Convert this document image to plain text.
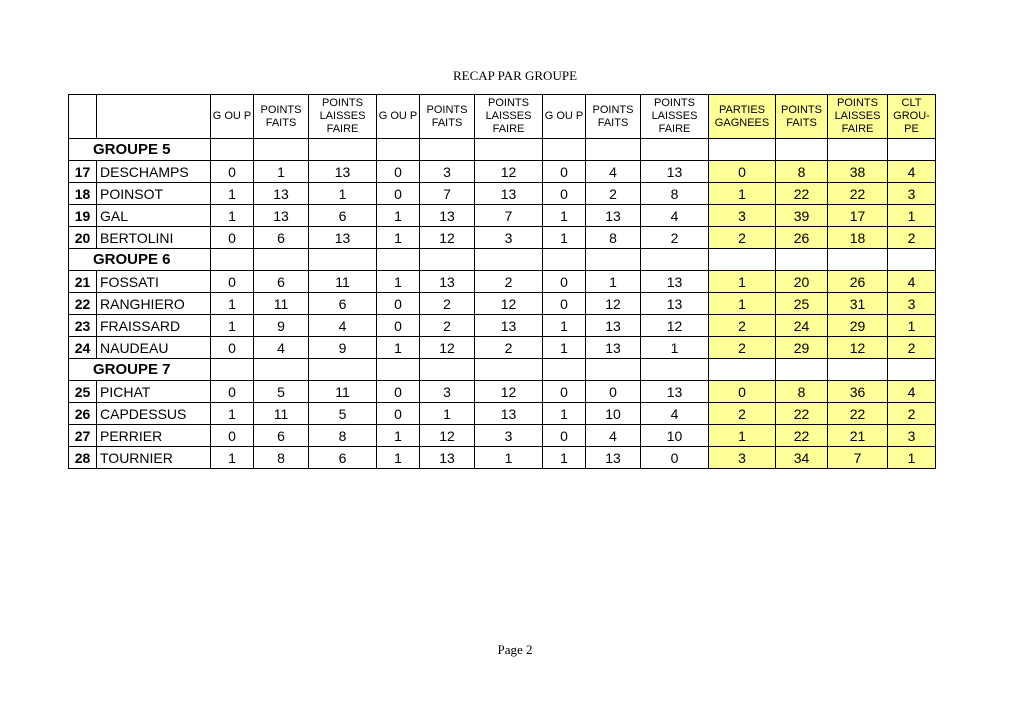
RECAP PAR GROUPE
		G OU P	POINTS FAITS	POINTS LAISSES FAIRE	G OU P	POINTS FAITS	POINTS LAISSES FAIRE	G OU P	POINTS FAITS	POINTS LAISSES FAIRE	PARTIES GAGNEES	POINTS FAITS	POINTS LAISSES FAIRE	CLT GROU-PE
GROUPE 5														
17	DESCHAMPS	0	1	13	0	3	12	0	4	13	0	8	38	4
18	POINSOT	1	13	1	0	7	13	0	2	8	1	22	22	3
19	GAL	1	13	6	1	13	7	1	13	4	3	39	17	1
20	BERTOLINI	0	6	13	1	12	3	1	8	2	2	26	18	2
GROUPE 6														
21	FOSSATI	0	6	11	1	13	2	0	1	13	1	20	26	4
22	RANGHIERO	1	11	6	0	2	12	0	12	13	1	25	31	3
23	FRAISSARD	1	9	4	0	2	13	1	13	12	2	24	29	1
24	NAUDEAU	0	4	9	1	12	2	1	13	1	2	29	12	2
GROUPE 7														
25	PICHAT	0	5	11	0	3	12	0	0	13	0	8	36	4
26	CAPDESSUS	1	11	5	0	1	13	1	10	4	2	22	22	2
27	PERRIER	0	6	8	1	12	3	0	4	10	1	22	21	3
28	TOURNIER	1	8	6	1	13	1	1	13	0	3	34	7	1
Page 2
